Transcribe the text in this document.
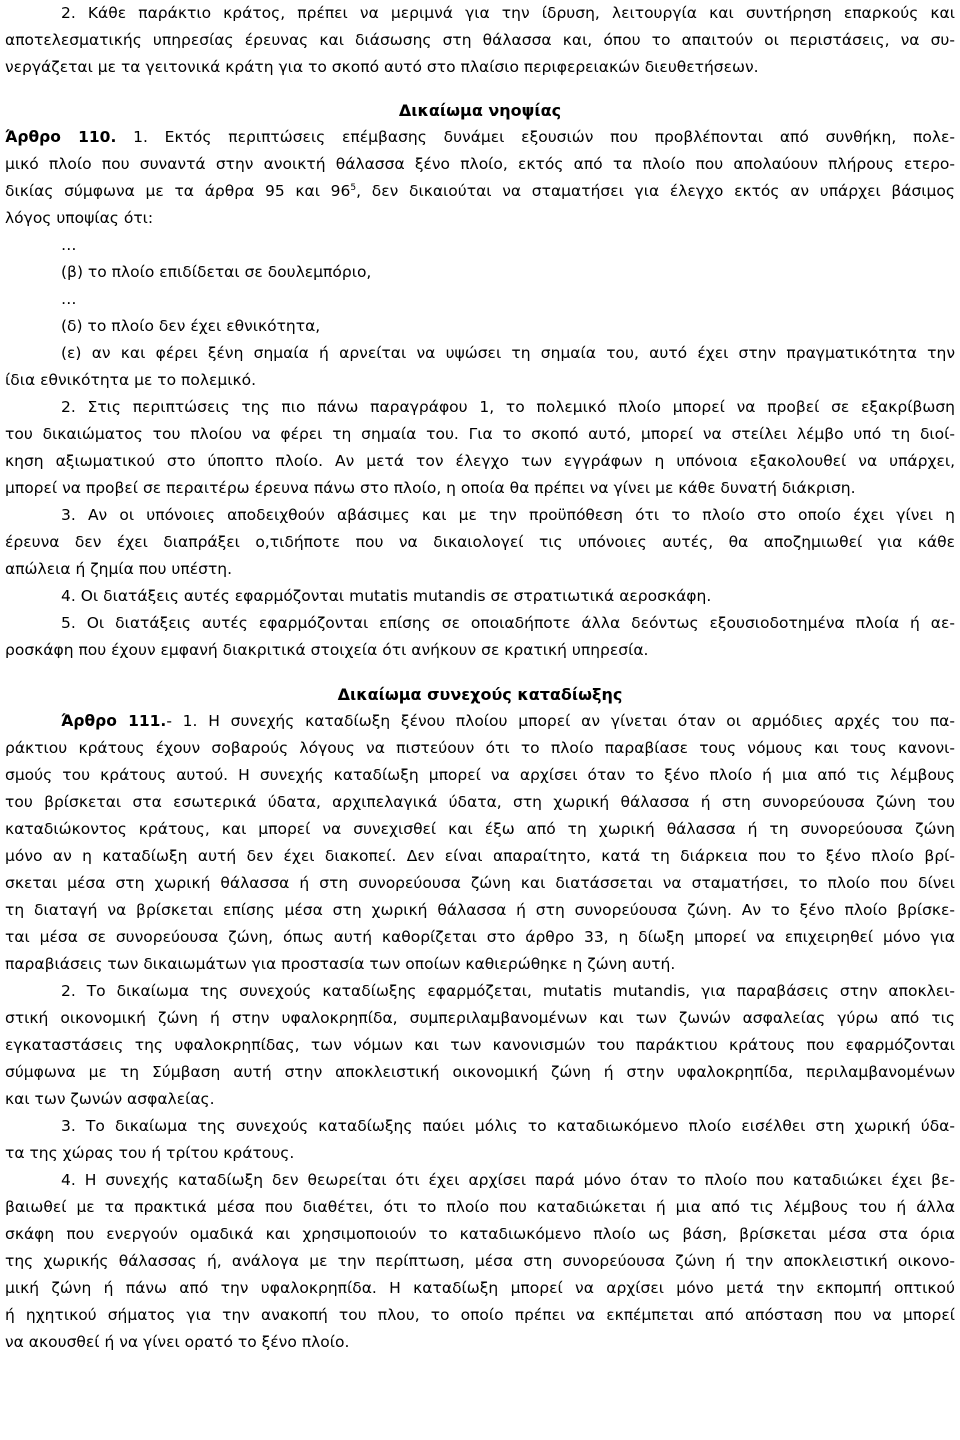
2. Κάθε παράκτιο κράτος, πρέπει να μεριμνά για την ίδρυση, λειτουργία και συντήρηση επαρκούς και
αποτελεσματικής υπηρεσίας έρευνας και διάσωσης στη θάλασσα και, όπου το απαιτούν οι περιστάσεις, να συ-
νεργάζεται με τα γειτονικά κράτη για το σκοπό αυτό στο πλαίσιο περιφερειακών διευθετήσεων.
Δικαίωμα νηοψίας
Άρθρο 110. 1. Εκτός περιπτώσεις επέμβασης δυνάμει εξουσιών που προβλέπονται από συνθήκη, πολε-
μικό πλοίο που συναντά στην ανοικτή θάλασσα ξένο πλοίο, εκτός από τα πλοίο που απολαύουν πλήρους ετερο-
δικίας σύμφωνα με τα άρθρα 95 και $96^5$, δεν δικαιούται να σταματήσει για έλεγχο εκτός αν υπάρχει βάσιμος
λόγος υποψίας ότι:
…
(β) το πλοίο επιδίδεται σε δουλεμπόριο,
…
(δ) το πλοίο δεν έχει εθνικότητα,
(ε) αν και φέρει ξένη σημαία ή αρνείται να υψώσει τη σημαία του, αυτό έχει στην πραγματικότητα την
ίδια εθνικότητα με το πολεμικό.
2. Στις περιπτώσεις της πιο πάνω παραγράφου 1, το πολεμικό πλοίο μπορεί να προβεί σε εξακρίβωση
του δικαιώματος του πλοίου να φέρει τη σημαία του. Για το σκοπό αυτό, μπορεί να στείλει λέμβο υπό τη διοί-
κηση αξιωματικού στο ύποπτο πλοίο. Αν μετά τον έλεγχο των εγγράφων η υπόνοια εξακολουθεί να υπάρχει,
μπορεί να προβεί σε περαιτέρω έρευνα πάνω στο πλοίο, η οποία θα πρέπει να γίνει με κάθε δυνατή διάκριση.
3. Αν οι υπόνοιες αποδειχθούν αβάσιμες και με την προϋπόθεση ότι το πλοίο στο οποίο έχει γίνει η
έρευνα δεν έχει διαπράξει ο,τιδήποτε που να δικαιολογεί τις υπόνοιες αυτές, θα αποζημιωθεί για κάθε
απώλεια ή ζημία που υπέστη.
4. Οι διατάξεις αυτές εφαρμόζονται mutatis mutandis σε στρατιωτικά αεροσκάφη.
5. Οι διατάξεις αυτές εφαρμόζονται επίσης σε οποιαδήποτε άλλα δεόντως εξουσιοδοτημένα πλοία ή αε-
ροσκάφη που έχουν εμφανή διακριτικά στοιχεία ότι ανήκουν σε κρατική υπηρεσία.
Δικαίωμα συνεχούς καταδίωξης
Άρθρο 111.- 1. Η συνεχής καταδίωξη ξένου πλοίου μπορεί αν γίνεται όταν οι αρμόδιες αρχές του πα-
ράκτιου κράτους έχουν σοβαρούς λόγους να πιστεύουν ότι το πλοίο παραβίασε τους νόμους και τους κανονι-
σμούς του κράτους αυτού. Η συνεχής καταδίωξη μπορεί να αρχίσει όταν το ξένο πλοίο ή μια από τις λέμβους
του βρίσκεται στα εσωτερικά ύδατα, αρχιπελαγικά ύδατα, στη χωρική θάλασσα ή στη συνορεύουσα ζώνη του
καταδιώκοντος κράτους, και μπορεί να συνεχισθεί και έξω από τη χωρική θάλασσα ή τη συνορεύουσα ζώνη
μόνο αν η καταδίωξη αυτή δεν έχει διακοπεί. Δεν είναι απαραίτητο, κατά τη διάρκεια που το ξένο πλοίο βρί-
σκεται μέσα στη χωρική θάλασσα ή στη συνορεύουσα ζώνη και διατάσσεται να σταματήσει, το πλοίο που δίνει
τη διαταγή να βρίσκεται επίσης μέσα στη χωρική θάλασσα ή στη συνορεύουσα ζώνη. Αν το ξένο πλοίο βρίσκε-
ται μέσα σε συνορεύουσα ζώνη, όπως αυτή καθορίζεται στο άρθρο 33, η δίωξη μπορεί να επιχειρηθεί μόνο για
παραβιάσεις των δικαιωμάτων για προστασία των οποίων καθιερώθηκε η ζώνη αυτή.
2. Το δικαίωμα της συνεχούς καταδίωξης εφαρμόζεται, mutatis mutandis, για παραβάσεις στην αποκλει-
στική οικονομική ζώνη ή στην υφαλοκρηπίδα, συμπεριλαμβανομένων και των ζωνών ασφαλείας γύρω από τις
εγκαταστάσεις της υφαλοκρηπίδας, των νόμων και των κανονισμών του παράκτιου κράτους που εφαρμόζονται
σύμφωνα με τη Σύμβαση αυτή στην αποκλειστική οικονομική ζώνη ή στην υφαλοκρηπίδα, περιλαμβανομένων
και των ζωνών ασφαλείας.
3. Το δικαίωμα της συνεχούς καταδίωξης παύει μόλις το καταδιωκόμενο πλοίο εισέλθει στη χωρική ύδα-
τα της χώρας του ή τρίτου κράτους.
4. Η συνεχής καταδίωξη δεν θεωρείται ότι έχει αρχίσει παρά μόνο όταν το πλοίο που καταδιώκει έχει βε-
βαιωθεί με τα πρακτικά μέσα που διαθέτει, ότι το πλοίο που καταδιώκεται ή μια από τις λέμβους του ή άλλα
σκάφη που ενεργούν ομαδικά και χρησιμοποιούν το καταδιωκόμενο πλοίο ως βάση, βρίσκεται μέσα στα όρια
της χωρικής θάλασσας ή, ανάλογα με την περίπτωση, μέσα στη συνορεύουσα ζώνη ή την αποκλειστική οικονο-
μική ζώνη ή πάνω από την υφαλοκρηπίδα. Η καταδίωξη μπορεί να αρχίσει μόνο μετά την εκπομπή οπτικού
ή ηχητικού σήματος για την ανακοπή του πλου, το οποίο πρέπει να εκπέμπεται από απόσταση που να μπορεί
να ακουσθεί ή να γίνει ορατό το ξένο πλοίο.
